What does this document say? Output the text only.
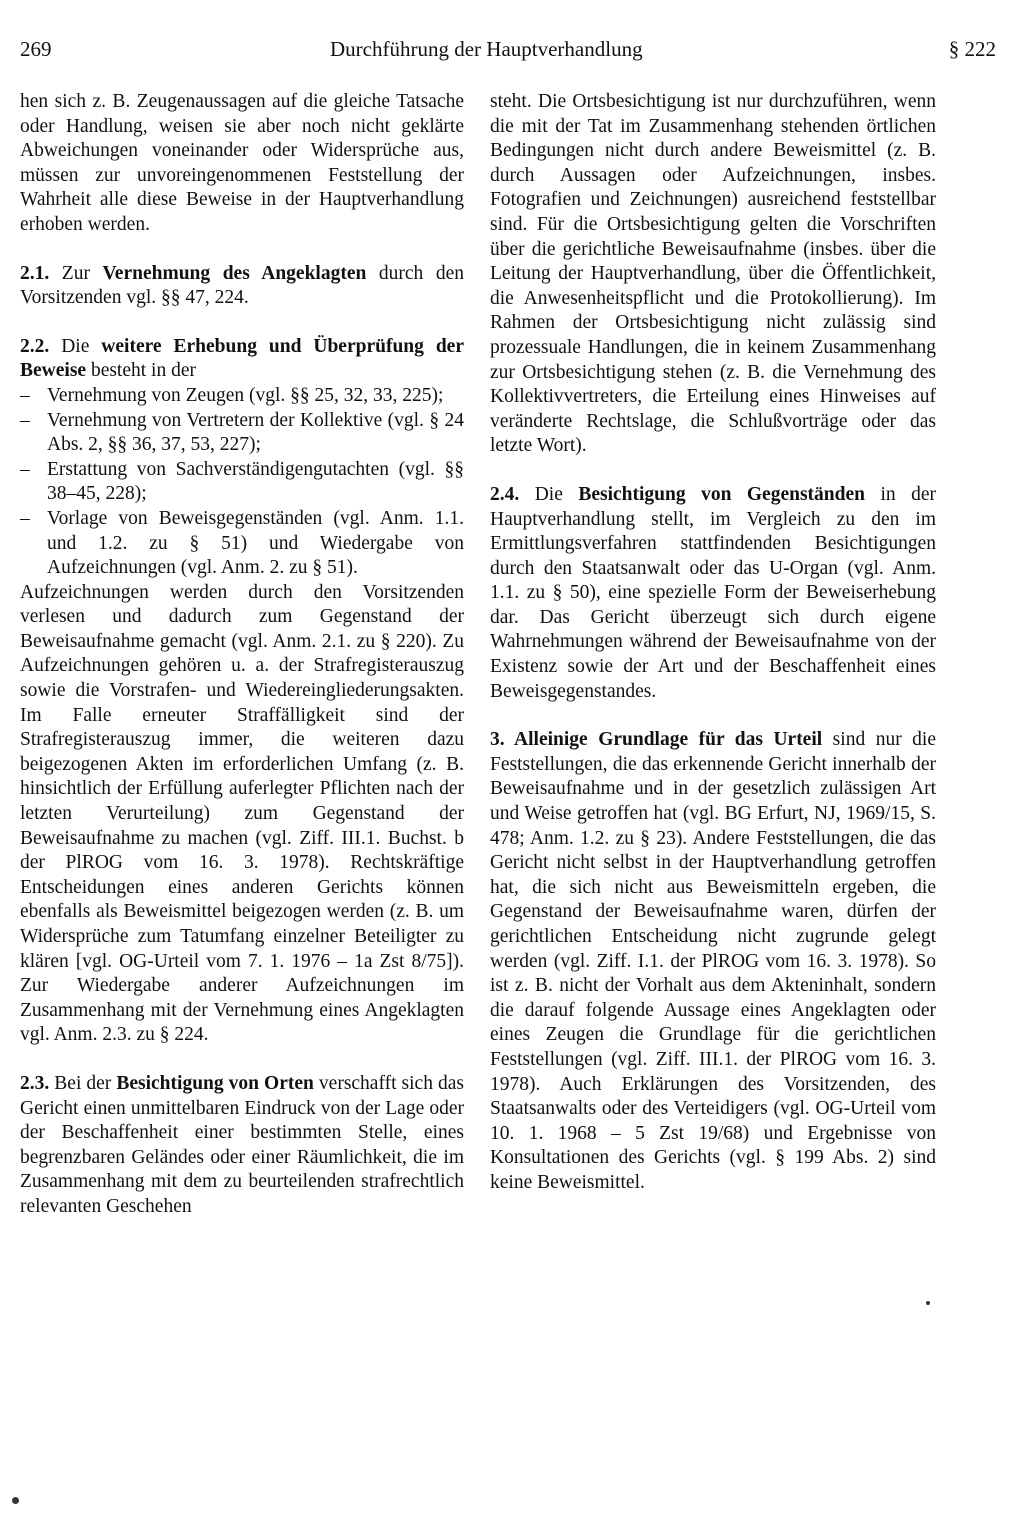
269	Durchführung der Hauptverhandlung	§ 222

hen sich z. B. Zeugenaussagen auf die gleiche Tatsache oder Handlung, weisen sie aber noch nicht geklärte Abweichungen voneinander oder Widersprüche aus, müssen zur unvoreingenommenen Feststellung der Wahrheit alle diese Beweise in der Hauptverhandlung erhoben werden.

2.1. Zur Vernehmung des Angeklagten durch den Vorsitzenden vgl. §§ 47, 224.

2.2. Die weitere Erhebung und Überprüfung der Beweise besteht in der

– Vernehmung von Zeugen (vgl. §§ 25, 32, 33, 225);
– Vernehmung von Vertretern der Kollektive (vgl. § 24 Abs. 2, §§ 36, 37, 53, 227);
– Erstattung von Sachverständigengutachten (vgl. §§ 38–45, 228);
– Vorlage von Beweisgegenständen (vgl. Anm. 1.1. und 1.2. zu § 51) und Wiedergabe von Aufzeichnungen (vgl. Anm. 2. zu § 51).

Aufzeichnungen werden durch den Vorsitzenden verlesen und dadurch zum Gegenstand der Beweisaufnahme gemacht (vgl. Anm. 2.1. zu § 220). Zu Aufzeichnungen gehören u. a. der Strafregisterauszug sowie die Vorstrafen- und Wiedereingliederungsakten. Im Falle erneuter Straffälligkeit sind der Strafregisterauszug immer, die weiteren dazu beigezogenen Akten im erforderlichen Umfang (z. B. hinsichtlich der Erfüllung auferlegter Pflichten nach der letzten Verurteilung) zum Gegenstand der Beweisaufnahme zu machen (vgl. Ziff. III.1. Buchst. b der PlROG vom 16. 3. 1978). Rechtskräftige Entscheidungen eines anderen Gerichts können ebenfalls als Beweismittel beigezogen werden (z. B. um Widersprüche zum Tatumfang einzelner Beteiligter zu klären [vgl. OG-Urteil vom 7. 1. 1976 – 1a Zst 8/75]). Zur Wiedergabe anderer Aufzeichnungen im Zusammenhang mit der Vernehmung eines Angeklagten vgl. Anm. 2.3. zu § 224.

2.3. Bei der Besichtigung von Orten verschafft sich das Gericht einen unmittelbaren Eindruck von der Lage oder der Beschaffenheit einer bestimmten Stelle, eines begrenzbaren Geländes oder einer Räumlichkeit, die im Zusammenhang mit dem zu beurteilenden strafrechtlich relevanten Geschehen

steht. Die Ortsbesichtigung ist nur durchzuführen, wenn die mit der Tat im Zusammenhang stehenden örtlichen Bedingungen nicht durch andere Beweismittel (z. B. durch Aussagen oder Aufzeichnungen, insbes. Fotografien und Zeichnungen) ausreichend feststellbar sind. Für die Ortsbesichtigung gelten die Vorschriften über die gerichtliche Beweisaufnahme (insbes. über die Leitung der Hauptverhandlung, über die Öffentlichkeit, die Anwesenheitspflicht und die Protokollierung). Im Rahmen der Ortsbesichtigung nicht zulässig sind prozessuale Handlungen, die in keinem Zusammenhang zur Ortsbesichtigung stehen (z. B. die Vernehmung des Kollektivvertreters, die Erteilung eines Hinweises auf veränderte Rechtslage, die Schlußvorträge oder das letzte Wort).

2.4. Die Besichtigung von Gegenständen in der Hauptverhandlung stellt, im Vergleich zu den im Ermittlungsverfahren stattfindenden Besichtigungen durch den Staatsanwalt oder das U-Organ (vgl. Anm. 1.1. zu § 50), eine spezielle Form der Beweiserhebung dar. Das Gericht überzeugt sich durch eigene Wahrnehmungen während der Beweisaufnahme von der Existenz sowie der Art und der Beschaffenheit eines Beweisgegenstandes.

3. Alleinige Grundlage für das Urteil sind nur die Feststellungen, die das erkennende Gericht innerhalb der Beweisaufnahme und in der gesetzlich zulässigen Art und Weise getroffen hat (vgl. BG Erfurt, NJ, 1969/15, S. 478; Anm. 1.2. zu § 23). Andere Feststellungen, die das Gericht nicht selbst in der Hauptverhandlung getroffen hat, die sich nicht aus Beweismitteln ergeben, die Gegenstand der Beweisaufnahme waren, dürfen der gerichtlichen Entscheidung nicht zugrunde gelegt werden (vgl. Ziff. I.1. der PlROG vom 16. 3. 1978). So ist z. B. nicht der Vorhalt aus dem Akteninhalt, sondern die darauf folgende Aussage eines Angeklagten oder eines Zeugen die Grundlage für die gerichtlichen Feststellungen (vgl. Ziff. III.1. der PlROG vom 16. 3. 1978). Auch Erklärungen des Vorsitzenden, des Staatsanwalts oder des Verteidigers (vgl. OG-Urteil vom 10. 1. 1968 – 5 Zst 19/68) und Ergebnisse von Konsultationen des Gerichts (vgl. § 199 Abs. 2) sind keine Beweismittel.
